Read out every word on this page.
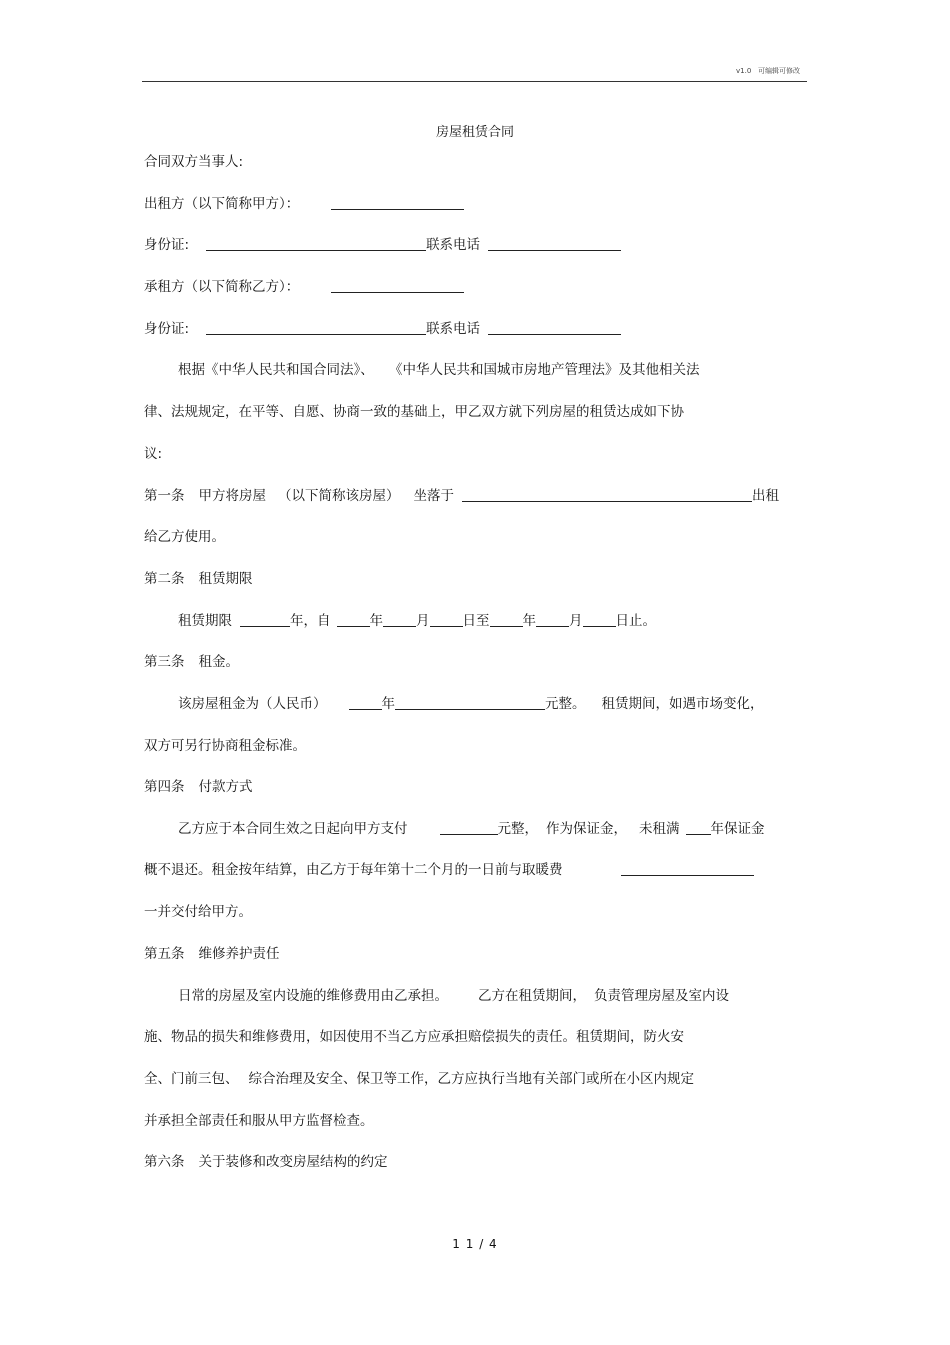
v1.0 可编辑可修改
房屋租赁合同
合同双方当事人:
出租方（以下简称甲方）：
身份证:	联系电话
承租方（以下简称乙方）：
身份证:	联系电话
根据《中华人民共和国合同法》、 《中华人民共和国城市房地产管理法》及其他相关法
律、法规规定，在平等、自愿、协商一致的基础上，甲乙双方就下列房屋的租赁达成如下协
议:
第一条 甲方将房屋 （以下简称该房屋） 坐落于	出租
给乙方使用。
第二条 租赁期限
租赁期限	年，自	年 月 日至 年 月 日止。
第三条 租金。
该房屋租金为（人民币）	年	元整。 租赁期间，如遇市场变化，
双方可另行协商租金标准。
第四条 付款方式
乙方应于本合同生效之日起向甲方支付	元整， 作为保证金， 未租满 年保证金
概不退还。租金按年结算，由乙方于每年第十二个月的一日前与取暖费
一并交付给甲方。
第五条 维修养护责任
日常的房屋及室内设施的维修费用由乙承担。 乙方在租赁期间， 负责管理房屋及室内设
施、物品的损失和维修费用，如因使用不当乙方应承担赔偿损失的责任。租赁期间，防火安
全、门前三包、 综合治理及安全、保卫等工作，乙方应执行当地有关部门或所在小区内规定
并承担全部责任和服从甲方监督检查。
第六条 关于装修和改变房屋结构的约定
1 1 / 4
